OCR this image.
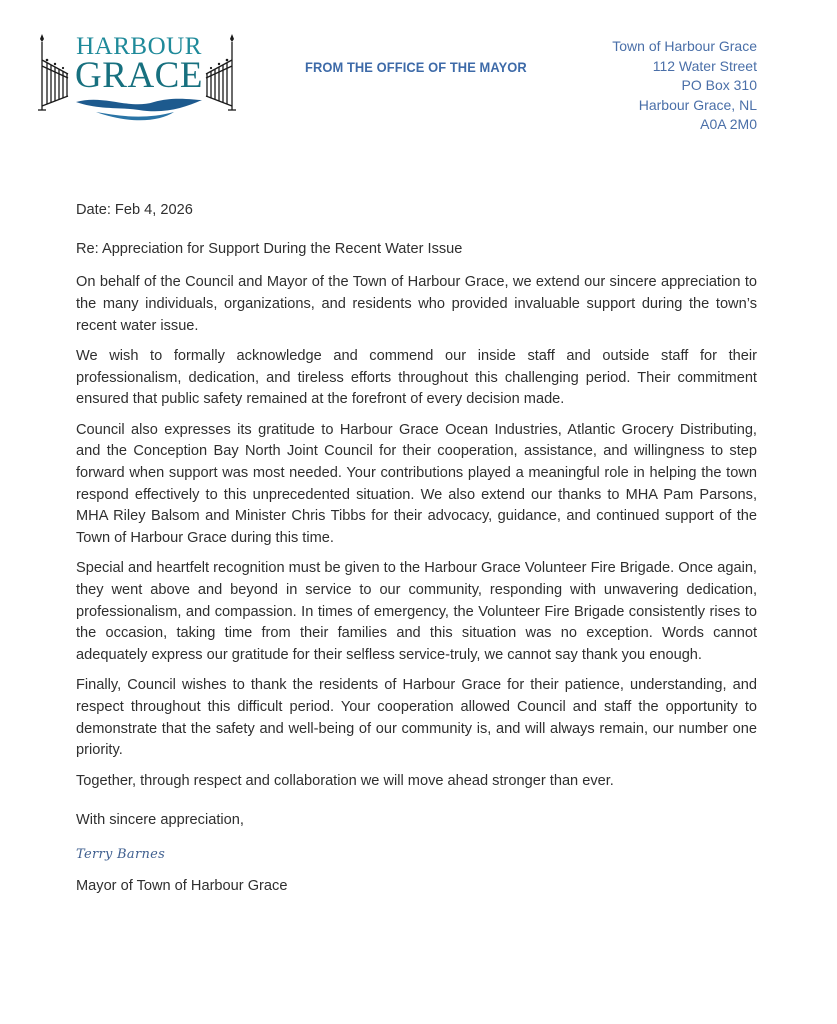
HARBOUR
GRACE	FROM THE OFFICE OF THE MAYOR
Town of Harbour Grace
112 Water Street
PO Box 310
Harbour Grace, NL
A0A 2M0

Date: Feb 4, 2026

Re: Appreciation for Support During the Recent Water Issue

On behalf of the Council and Mayor of the Town of Harbour Grace, we extend our sincere appreciation to the many individuals, organizations, and residents who provided invaluable support during the town’s recent water issue.

We wish to formally acknowledge and commend our inside staff and outside staff for their professionalism, dedication, and tireless efforts throughout this challenging period. Their commitment ensured that public safety remained at the forefront of every decision made.

Council also expresses its gratitude to Harbour Grace Ocean Industries, Atlantic Grocery Distributing, and the Conception Bay North Joint Council for their cooperation, assistance, and willingness to step forward when support was most needed. Your contributions played a meaningful role in helping the town respond effectively to this unprecedented situation. We also extend our thanks to MHA Pam Parsons, MHA Riley Balsom and Minister Chris Tibbs for their advocacy, guidance, and continued support of the Town of Harbour Grace during this time.

Special and heartfelt recognition must be given to the Harbour Grace Volunteer Fire Brigade. Once again, they went above and beyond in service to our community, responding with unwavering dedication, professionalism, and compassion. In times of emergency, the Volunteer Fire Brigade consistently rises to the occasion, taking time from their families and this situation was no exception. Words cannot adequately express our gratitude for their selfless service-truly, we cannot say thank you enough.

Finally, Council wishes to thank the residents of Harbour Grace for their patience, understanding, and respect throughout this difficult period. Your cooperation allowed Council and staff the opportunity to demonstrate that the safety and well-being of our community is, and will always remain, our number one priority.

Together, through respect and collaboration we will move ahead stronger than ever.

With sincere appreciation,

Terry Barnes

Mayor of Town of Harbour Grace
